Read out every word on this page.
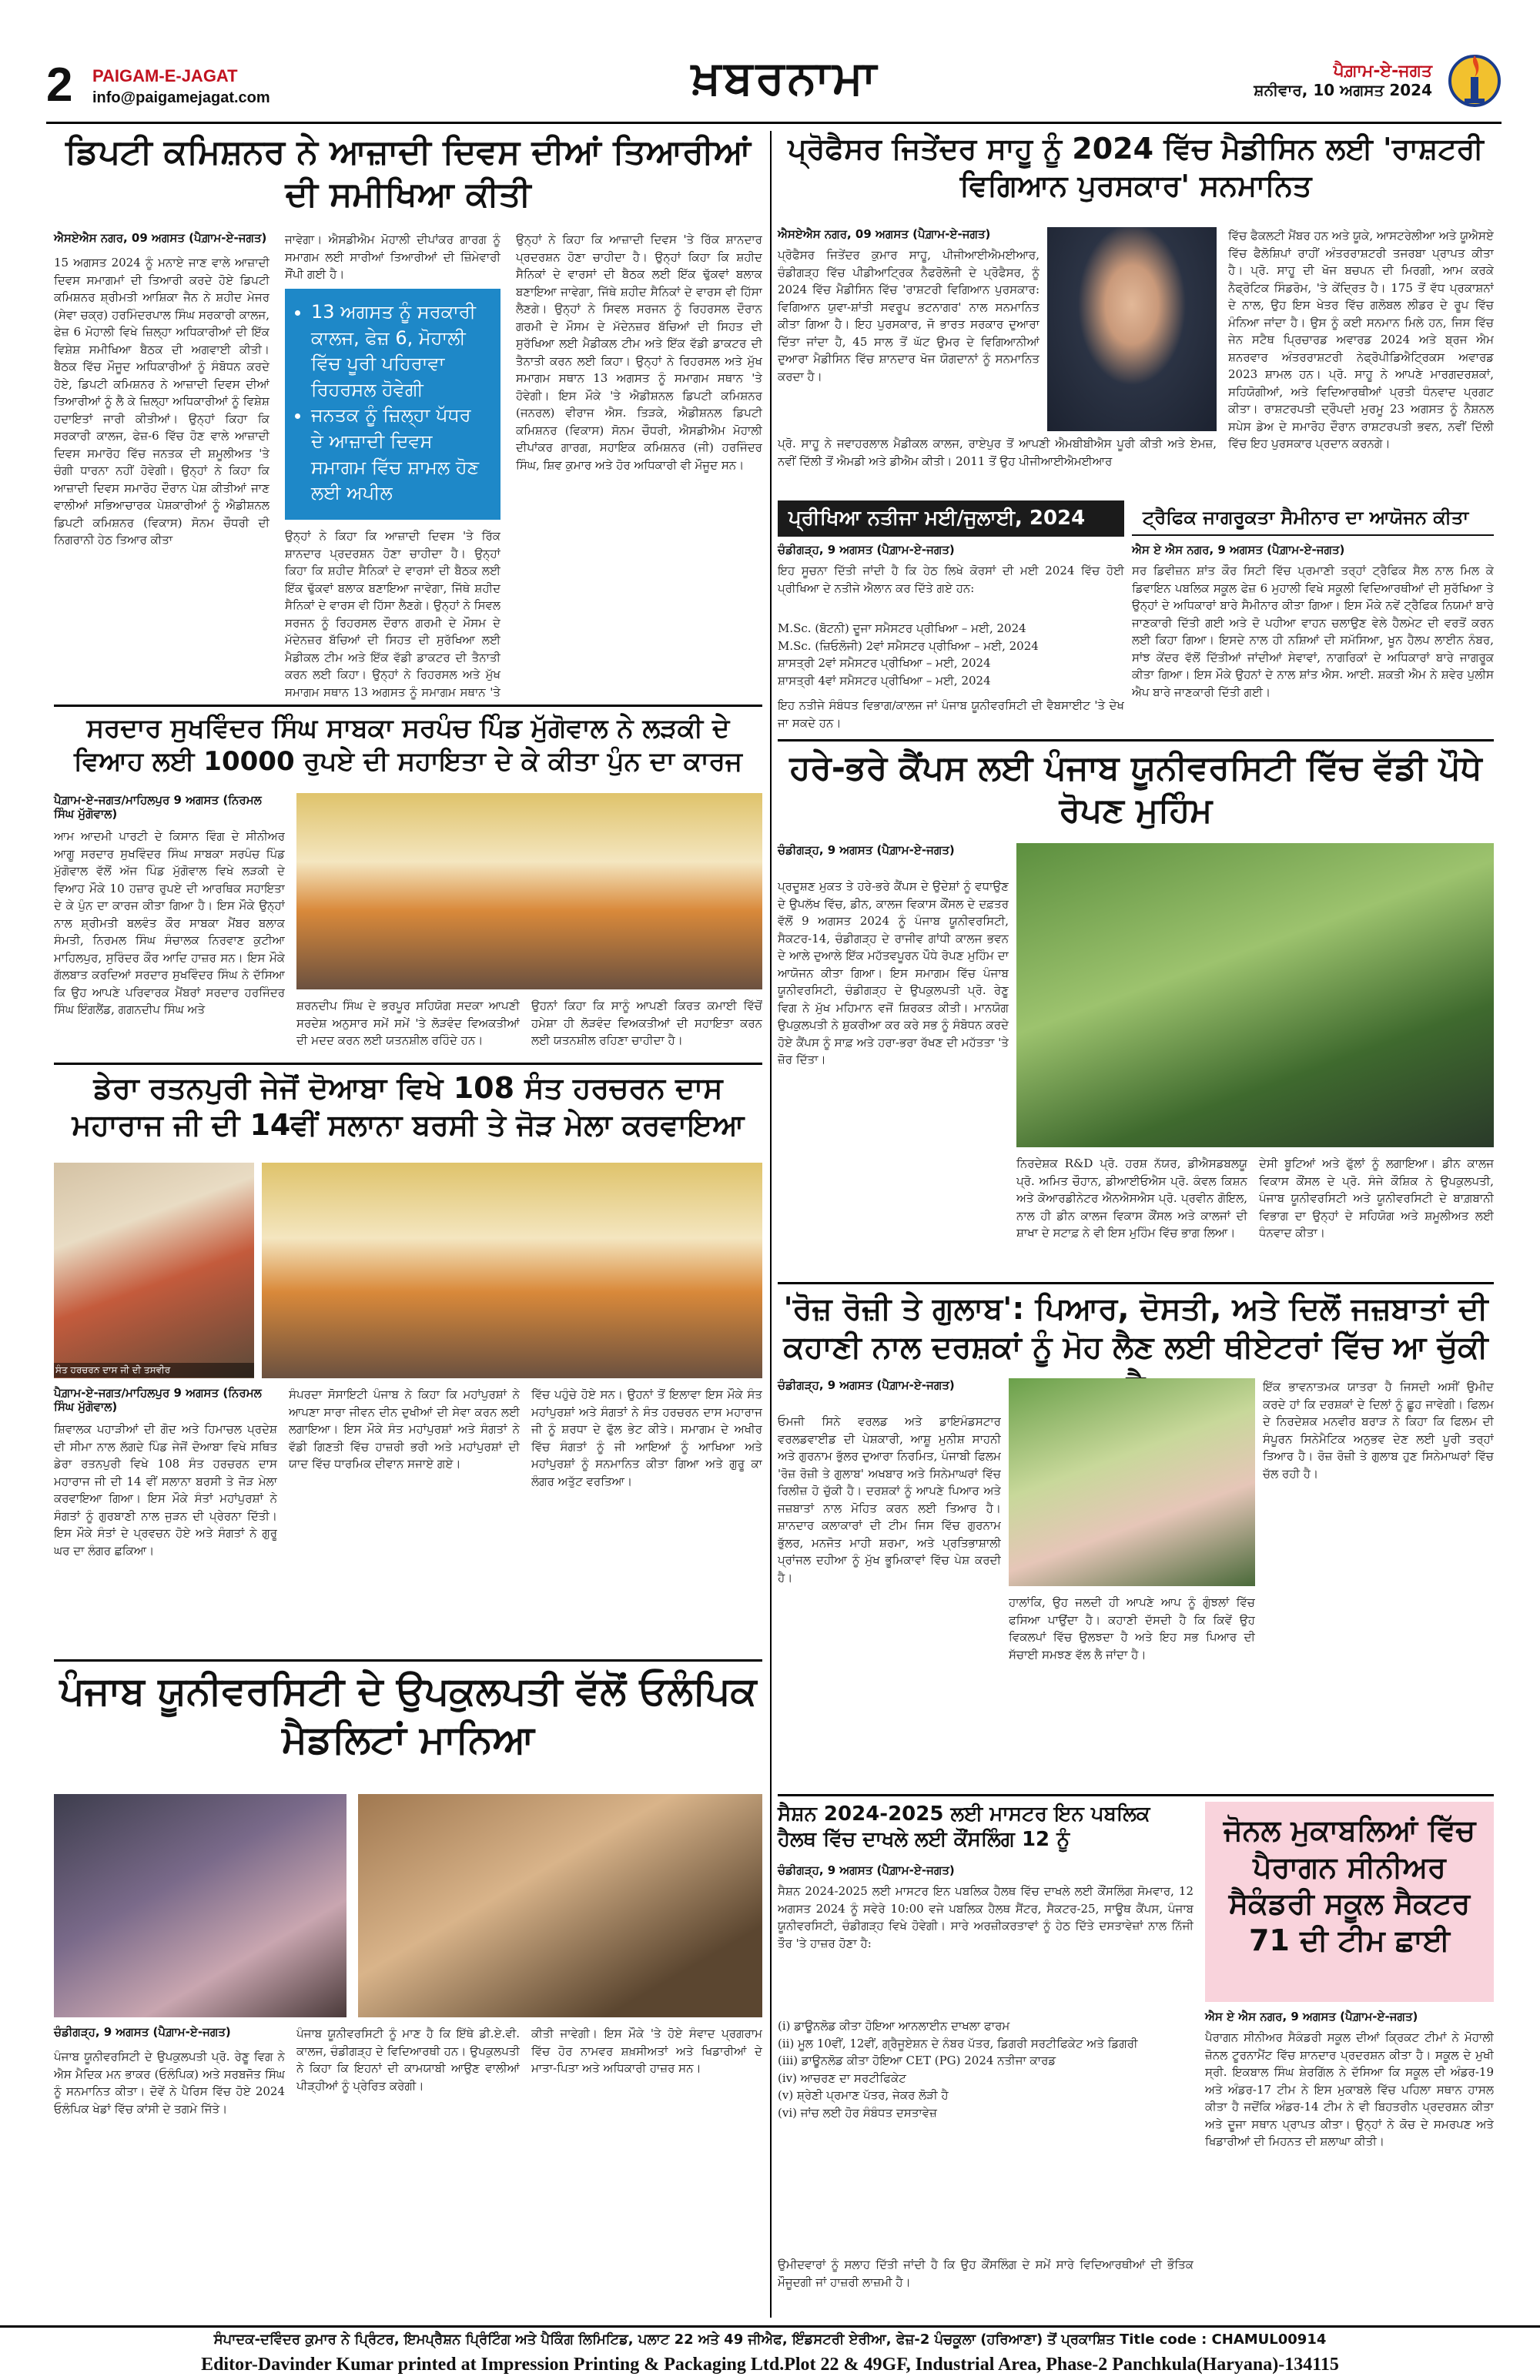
2 PAIGAM-E-JAGAT
info@paigamejagat.com	ਖ਼ਬਰਨਾਮਾ	ਪੈਗ਼ਾਮ-ਏ-ਜਗਤ
ਸ਼ਨੀਵਾਰ, 10 ਅਗਸਤ 2024
ਡਿਪਟੀ ਕਮਿਸ਼ਨਰ ਨੇ ਆਜ਼ਾਦੀ ਦਿਵਸ ਦੀਆਂ ਤਿਆਰੀਆਂ ਦੀ ਸਮੀਖਿਆ ਕੀਤੀ
ਐਸਏਐਸ ਨਗਰ, 09 ਅਗਸਤ (ਪੈਗ਼ਾਮ-ਏ-ਜਗਤ)
15 ਅਗਸਤ 2024 ਨੂੰ ਮਨਾਏ ਜਾਣ ਵਾਲੇ ਆਜ਼ਾਦੀ ਦਿਵਸ ਸਮਾਗਮਾਂ ਦੀ ਤਿਆਰੀ ਕਰਦੇ ਹੋਏ ਡਿਪਟੀ ਕਮਿਸ਼ਨਰ ਸ਼੍ਰੀਮਤੀ ਆਸ਼ਿਕਾ ਜੈਨ ਨੇ ਸ਼ਹੀਦ ਮੇਜਰ (ਸੇਵਾ ਚਕ੍ਰ) ਹਰਮਿੰਦਰਪਾਲ ਸਿੰਘ ਸਰਕਾਰੀ ਕਾਲਜ, ਫੇਜ਼ 6 ਮੋਹਾਲੀ ਵਿਖੇ ਜ਼ਿਲ੍ਹਾ ਅਧਿਕਾਰੀਆਂ ਦੀ ਇੱਕ ਵਿਸ਼ੇਸ਼ ਸਮੀਖਿਆ ਬੈਠਕ ਦੀ ਅਗਵਾਈ ਕੀਤੀ। ਬੈਠਕ ਵਿੱਚ ਮੌਜੂਦ ਅਧਿਕਾਰੀਆਂ ਨੂੰ ਸੰਬੋਧਨ ਕਰਦੇ ਹੋਏ, ਡਿਪਟੀ ਕਮਿਸ਼ਨਰ ਨੇ ਆਜ਼ਾਦੀ ਦਿਵਸ ਦੀਆਂ ਤਿਆਰੀਆਂ ਨੂੰ ਲੈ ਕੇ ਜ਼ਿਲ੍ਹਾ ਅਧਿਕਾਰੀਆਂ ਨੂੰ ਵਿਸ਼ੇਸ਼ ਹਦਾਇਤਾਂ ਜਾਰੀ ਕੀਤੀਆਂ। ਉਨ੍ਹਾਂ ਕਿਹਾ ਕਿ ਸਰਕਾਰੀ ਕਾਲਜ, ਫੇਜ਼-6 ਵਿੱਚ ਹੋਣ ਵਾਲੇ ਆਜ਼ਾਦੀ ਦਿਵਸ ਸਮਾਰੋਹ ਵਿੱਚ ਜਨਤਕ ਦੀ ਸ਼ਮੂਲੀਅਤ 'ਤੇ ਚੰਗੀ ਧਾਰਨਾ ਨਹੀਂ ਹੋਵੇਗੀ। ਉਨ੍ਹਾਂ ਨੇ ਕਿਹਾ ਕਿ ਆਜ਼ਾਦੀ ਦਿਵਸ ਸਮਾਰੋਹ ਦੌਰਾਨ ਪੇਸ਼ ਕੀਤੀਆਂ ਜਾਣ ਵਾਲੀਆਂ ਸਭਿਆਚਾਰਕ ਪੇਸ਼ਕਾਰੀਆਂ ਨੂੰ ਐਡੀਸ਼ਨਲ ਡਿਪਟੀ ਕਮਿਸ਼ਨਰ (ਵਿਕਾਸ) ਸੋਨਮ ਚੌਧਰੀ ਦੀ ਨਿਗਰਾਨੀ ਹੇਠ ਤਿਆਰ ਕੀਤਾ
ਜਾਵੇਗਾ। ਐਸਡੀਐਮ ਮੋਹਾਲੀ ਦੀਪਾਂਕਰ ਗਾਰਗ ਨੂੰ ਸਮਾਗਮ ਲਈ ਸਾਰੀਆਂ ਤਿਆਰੀਆਂ ਦੀ ਜ਼ਿੰਮੇਵਾਰੀ ਸੌਂਪੀ ਗਈ ਹੈ।
• 13 ਅਗਸਤ ਨੂੰ ਸਰਕਾਰੀ ਕਾਲਜ, ਫੇਜ਼ 6, ਮੋਹਾਲੀ ਵਿੱਚ ਪੂਰੀ ਪਹਿਰਾਵਾ ਰਿਹਰਸਲ ਹੋਵੇਗੀ
• ਜਨਤਕ ਨੂੰ ਜ਼ਿਲ੍ਹਾ ਪੱਧਰ ਦੇ ਆਜ਼ਾਦੀ ਦਿਵਸ ਸਮਾਗਮ ਵਿੱਚ ਸ਼ਾਮਲ ਹੋਣ ਲਈ ਅਪੀਲ
ਉਨ੍ਹਾਂ ਨੇ ਕਿਹਾ ਕਿ ਆਜ਼ਾਦੀ ਦਿਵਸ 'ਤੇ ਰਿੱਕ ਸ਼ਾਨਦਾਰ ਪ੍ਰਦਰਸ਼ਨ ਹੋਣਾ ਚਾਹੀਦਾ ਹੈ। ਉਨ੍ਹਾਂ ਕਿਹਾ ਕਿ ਸ਼ਹੀਦ ਸੈਨਿਕਾਂ ਦੇ ਵਾਰਸਾਂ ਦੀ ਬੈਠਕ ਲਈ ਇੱਕ ਢੁੱਕਵਾਂ ਬਲਾਕ ਬਣਾਇਆ ਜਾਵੇਗਾ, ਜਿੱਥੇ ਸ਼ਹੀਦ ਸੈਨਿਕਾਂ ਦੇ ਵਾਰਸ ਵੀ ਹਿੱਸਾ ਲੈਣਗੇ। ਉਨ੍ਹਾਂ ਨੇ ਸਿਵਲ ਸਰਜਨ ਨੂੰ ਰਿਹਰਸਲ ਦੌਰਾਨ ਗਰਮੀ ਦੇ ਮੌਸਮ ਦੇ ਮੱਦੇਨਜ਼ਰ ਬੱਚਿਆਂ ਦੀ ਸਿਹਤ ਦੀ ਸੁਰੱਖਿਆ ਲਈ ਮੈਡੀਕਲ ਟੀਮ ਅਤੇ ਇੱਕ ਵੱਡੀ ਡਾਕਟਰ ਦੀ ਤੈਨਾਤੀ ਕਰਨ ਲਈ ਕਿਹਾ। ਉਨ੍ਹਾਂ ਨੇ ਰਿਹਰਸਲ ਅਤੇ ਮੁੱਖ ਸਮਾਗਮ ਸਥਾਨ 13 ਅਗਸਤ ਨੂੰ ਸਮਾਗਮ ਸਥਾਨ 'ਤੇ
ਉਨ੍ਹਾਂ ਨੇ ਕਿਹਾ ਕਿ ਆਜ਼ਾਦੀ ਦਿਵਸ 'ਤੇ ਰਿੱਕ ਸ਼ਾਨਦਾਰ ਪ੍ਰਦਰਸ਼ਨ ਹੋਣਾ ਚਾਹੀਦਾ ਹੈ। ਉਨ੍ਹਾਂ ਕਿਹਾ ਕਿ ਸ਼ਹੀਦ ਸੈਨਿਕਾਂ ਦੇ ਵਾਰਸਾਂ ਦੀ ਬੈਠਕ ਲਈ ਇੱਕ ਢੁੱਕਵਾਂ ਬਲਾਕ ਬਣਾਇਆ ਜਾਵੇਗਾ, ਜਿੱਥੇ ਸ਼ਹੀਦ ਸੈਨਿਕਾਂ ਦੇ ਵਾਰਸ ਵੀ ਹਿੱਸਾ ਲੈਣਗੇ। ਉਨ੍ਹਾਂ ਨੇ ਸਿਵਲ ਸਰਜਨ ਨੂੰ ਰਿਹਰਸਲ ਦੌਰਾਨ ਗਰਮੀ ਦੇ ਮੌਸਮ ਦੇ ਮੱਦੇਨਜ਼ਰ ਬੱਚਿਆਂ ਦੀ ਸਿਹਤ ਦੀ ਸੁਰੱਖਿਆ ਲਈ ਮੈਡੀਕਲ ਟੀਮ ਅਤੇ ਇੱਕ ਵੱਡੀ ਡਾਕਟਰ ਦੀ ਤੈਨਾਤੀ ਕਰਨ ਲਈ ਕਿਹਾ। ਉਨ੍ਹਾਂ ਨੇ ਰਿਹਰਸਲ ਅਤੇ ਮੁੱਖ ਸਮਾਗਮ ਸਥਾਨ 13 ਅਗਸਤ ਨੂੰ ਸਮਾਗਮ ਸਥਾਨ 'ਤੇ ਹੋਵੇਗੀ। ਇਸ ਮੌਕੇ 'ਤੇ ਐਡੀਸ਼ਨਲ ਡਿਪਟੀ ਕਮਿਸ਼ਨਰ (ਜਨਰਲ) ਵੀਰਾਜ ਐਸ. ਤਿੜਕੇ, ਐਡੀਸ਼ਨਲ ਡਿਪਟੀ ਕਮਿਸ਼ਨਰ (ਵਿਕਾਸ) ਸੋਨਮ ਚੌਧਰੀ, ਐਸਡੀਐਮ ਮੋਹਾਲੀ ਦੀਪਾਂਕਰ ਗਾਰਗ, ਸਹਾਇਕ ਕਮਿਸ਼ਨਰ (ਜੀ) ਹਰਜਿੰਦਰ ਸਿੰਘ, ਸ਼ਿਵ ਕੁਮਾਰ ਅਤੇ ਹੋਰ ਅਧਿਕਾਰੀ ਵੀ ਮੌਜੂਦ ਸਨ।
ਸਰਦਾਰ ਸੁਖਵਿੰਦਰ ਸਿੰਘ ਸਾਬਕਾ ਸਰਪੰਚ ਪਿੰਡ ਮੁੱਗੋਵਾਲ ਨੇ ਲੜਕੀ ਦੇ ਵਿਆਹ ਲਈ 10000 ਰੁਪਏ ਦੀ ਸਹਾਇਤਾ ਦੇ ਕੇ ਕੀਤਾ ਪੁੰਨ ਦਾ ਕਾਰਜ
ਪੈਗ਼ਾਮ-ਏ-ਜਗਤ/ਮਾਹਿਲਪੁਰ 9 ਅਗਸਤ (ਨਿਰਮਲ ਸਿੰਘ ਮੁੱਗੋਵਾਲ)
ਆਮ ਆਦਮੀ ਪਾਰਟੀ ਦੇ ਕਿਸਾਨ ਵਿੰਗ ਦੇ ਸੀਨੀਅਰ ਆਗੂ ਸਰਦਾਰ ਸੁਖਵਿੰਦਰ ਸਿੰਘ ਸਾਬਕਾ ਸਰਪੰਚ ਪਿੰਡ ਮੁੱਗੋਵਾਲ ਵੱਲੋਂ ਅੱਜ ਪਿੰਡ ਮੁੱਗੋਵਾਲ ਵਿਖੇ ਲੜਕੀ ਦੇ ਵਿਆਹ ਮੌਕੇ 10 ਹਜ਼ਾਰ ਰੁਪਏ ਦੀ ਆਰਥਿਕ ਸਹਾਇਤਾ ਦੇ ਕੇ ਪੁੰਨ ਦਾ ਕਾਰਜ ਕੀਤਾ ਗਿਆ ਹੈ। ਇਸ ਮੌਕੇ ਉਨ੍ਹਾਂ ਨਾਲ ਸ਼੍ਰੀਮਤੀ ਬਲਵੰਤ ਕੌਰ ਸਾਬਕਾ ਮੈਂਬਰ ਬਲਾਕ ਸੰਮਤੀ, ਨਿਰਮਲ ਸਿੰਘ ਸੰਚਾਲਕ ਨਿਰਵਾਣ ਕੁਟੀਆ ਮਾਹਿਲਪੁਰ, ਸੁਰਿੰਦਰ ਕੌਰ ਆਦਿ ਹਾਜ਼ਰ ਸਨ। ਇਸ ਮੌਕੇ ਗੱਲਬਾਤ ਕਰਦਿਆਂ ਸਰਦਾਰ ਸੁਖਵਿੰਦਰ ਸਿੰਘ ਨੇ ਦੱਸਿਆ ਕਿ ਉਹ ਆਪਣੇ ਪਰਿਵਾਰਕ ਮੈਂਬਰਾਂ ਸਰਦਾਰ ਹਰਜਿੰਦਰ ਸਿੰਘ ਇੰਗਲੈਂਡ, ਗਗਨਦੀਪ ਸਿੰਘ ਅਤੇ	ਸ਼ਰਨਦੀਪ ਸਿੰਘ ਦੇ ਭਰਪੂਰ ਸਹਿਯੋਗ ਸਦਕਾ ਆਪਣੀ ਸਰਦੇਸ਼ ਅਨੁਸਾਰ ਸਮੇਂ ਸਮੇਂ 'ਤੇ ਲੋੜਵੰਦ ਵਿਅਕਤੀਆਂ ਦੀ ਮਦਦ ਕਰਨ ਲਈ ਯਤਨਸ਼ੀਲ ਰਹਿੰਦੇ ਹਨ।
ਉਹਨਾਂ ਕਿਹਾ ਕਿ ਸਾਨੂੰ ਆਪਣੀ ਕਿਰਤ ਕਮਾਈ ਵਿੱਚੋਂ ਹਮੇਸ਼ਾ ਹੀ ਲੋੜਵੰਦ ਵਿਅਕਤੀਆਂ ਦੀ ਸਹਾਇਤਾ ਕਰਨ ਲਈ ਯਤਨਸ਼ੀਲ ਰਹਿਣਾ ਚਾਹੀਦਾ ਹੈ।
ਡੇਰਾ ਰਤਨਪੁਰੀ ਜੇਜੋਂ ਦੋਆਬਾ ਵਿਖੇ 108 ਸੰਤ ਹਰਚਰਨ ਦਾਸ ਮਹਾਰਾਜ ਜੀ ਦੀ 14ਵੀਂ ਸਲਾਨਾ ਬਰਸੀ ਤੇ ਜੋੜ ਮੇਲਾ ਕਰਵਾਇਆ
ਸੰਤ ਹਰਚਰਨ ਦਾਸ ਜੀ ਦੀ ਤਸਵੀਰ
ਪੈਗ਼ਾਮ-ਏ-ਜਗਤ/ਮਾਹਿਲਪੁਰ 9 ਅਗਸਤ (ਨਿਰਮਲ ਸਿੰਘ ਮੁੱਗੋਵਾਲ)
ਸ਼ਿਵਾਲਕ ਪਹਾੜੀਆਂ ਦੀ ਗੋਦ ਅਤੇ ਹਿਮਾਚਲ ਪ੍ਰਦੇਸ਼ ਦੀ ਸੀਮਾ ਨਾਲ ਲੱਗਦੇ ਪਿੰਡ ਜੇਜੋਂ ਦੋਆਬਾ ਵਿਖੇ ਸਥਿਤ ਡੇਰਾ ਰਤਨਪੁਰੀ ਵਿਖੇ 108 ਸੰਤ ਹਰਚਰਨ ਦਾਸ ਮਹਾਰਾਜ ਜੀ ਦੀ 14 ਵੀਂ ਸਲਾਨਾ ਬਰਸੀ ਤੇ ਜੋੜ ਮੇਲਾ ਕਰਵਾਇਆ ਗਿਆ। ਇਸ ਮੌਕੇ ਸੰਤਾਂ ਮਹਾਂਪੁਰਸ਼ਾਂ ਨੇ ਸੰਗਤਾਂ ਨੂੰ ਗੁਰਬਾਣੀ ਨਾਲ ਜੁੜਨ ਦੀ ਪ੍ਰੇਰਨਾ ਦਿੱਤੀ। ਇਸ ਮੌਕੇ ਸੰਤਾਂ ਦੇ ਪ੍ਰਵਚਨ ਹੋਏ ਅਤੇ ਸੰਗਤਾਂ ਨੇ ਗੁਰੂ ਘਰ ਦਾ ਲੰਗਰ ਛਕਿਆ।
ਸੰਪਰਦਾ ਸੋਸਾਇਟੀ ਪੰਜਾਬ ਨੇ ਕਿਹਾ ਕਿ ਮਹਾਂਪੁਰਸ਼ਾਂ ਨੇ ਆਪਣਾ ਸਾਰਾ ਜੀਵਨ ਦੀਨ ਦੁਖੀਆਂ ਦੀ ਸੇਵਾ ਕਰਨ ਲਈ ਲਗਾਇਆ। ਇਸ ਮੌਕੇ ਸੰਤ ਮਹਾਂਪੁਰਸ਼ਾਂ ਅਤੇ ਸੰਗਤਾਂ ਨੇ ਵੱਡੀ ਗਿਣਤੀ ਵਿੱਚ ਹਾਜ਼ਰੀ ਭਰੀ ਅਤੇ ਮਹਾਂਪੁਰਸ਼ਾਂ ਦੀ ਯਾਦ ਵਿੱਚ ਧਾਰਮਿਕ ਦੀਵਾਨ ਸਜਾਏ ਗਏ।
ਵਿੱਚ ਪਹੁੰਚੇ ਹੋਏ ਸਨ। ਉਹਨਾਂ ਤੋਂ ਇਲਾਵਾ ਇਸ ਮੌਕੇ ਸੰਤ ਮਹਾਂਪੁਰਸ਼ਾਂ ਅਤੇ ਸੰਗਤਾਂ ਨੇ ਸੰਤ ਹਰਚਰਨ ਦਾਸ ਮਹਾਰਾਜ ਜੀ ਨੂੰ ਸ਼ਰਧਾ ਦੇ ਫੁੱਲ ਭੇਟ ਕੀਤੇ। ਸਮਾਗਮ ਦੇ ਅਖੀਰ ਵਿੱਚ ਸੰਗਤਾਂ ਨੂੰ ਜੀ ਆਇਆਂ ਨੂੰ ਆਖਿਆ ਅਤੇ ਮਹਾਂਪੁਰਸ਼ਾਂ ਨੂੰ ਸਨਮਾਨਿਤ ਕੀਤਾ ਗਿਆ ਅਤੇ ਗੁਰੂ ਕਾ ਲੰਗਰ ਅਤੁੱਟ ਵਰਤਿਆ।
ਪੰਜਾਬ ਯੂਨੀਵਰਸਿਟੀ ਦੇ ਉਪਕੁਲਪਤੀ ਵੱਲੋਂ ਓਲੰਪਿਕ ਮੈਡਲਿਟਾਂ ਮਾਨਿਆ
ਚੰਡੀਗੜ੍ਹ, 9 ਅਗਸਤ (ਪੈਗ਼ਾਮ-ਏ-ਜਗਤ)
ਪੰਜਾਬ ਯੂਨੀਵਰਸਿਟੀ ਦੇ ਉਪਕੁਲਪਤੀ ਪ੍ਰੋ. ਰੇਣੂ ਵਿਗ ਨੇ ਐਸ ਮੈਦਿਕ ਮਨ ਭਾਕਰ (ਓਲੰਪਿਕ) ਅਤੇ ਸਰਬਜੋਤ ਸਿੰਘ ਨੂੰ ਸਨਮਾਨਿਤ ਕੀਤਾ। ਦੋਵੇਂ ਨੇ ਪੈਰਿਸ ਵਿੱਚ ਹੋਏ 2024 ਓਲੰਪਿਕ ਖੇਡਾਂ ਵਿੱਚ ਕਾਂਸੀ ਦੇ ਤਗਮੇ ਜਿੱਤੇ।
ਪੰਜਾਬ ਯੂਨੀਵਰਸਿਟੀ ਨੂੰ ਮਾਣ ਹੈ ਕਿ ਇੱਥੇ ਡੀ.ਏ.ਵੀ. ਕਾਲਜ, ਚੰਡੀਗੜ੍ਹ ਦੇ ਵਿਦਿਆਰਥੀ ਹਨ। ਉਪਕੁਲਪਤੀ ਨੇ ਕਿਹਾ ਕਿ ਇਹਨਾਂ ਦੀ ਕਾਮਯਾਬੀ ਆਉਣ ਵਾਲੀਆਂ ਪੀੜ੍ਹੀਆਂ ਨੂੰ ਪ੍ਰੇਰਿਤ ਕਰੇਗੀ।
ਕੀਤੀ ਜਾਵੇਗੀ। ਇਸ ਮੌਕੇ 'ਤੇ ਹੋਏ ਸੰਵਾਦ ਪ੍ਰਗਰਾਮ ਵਿੱਚ ਹੋਰ ਨਾਮਵਰ ਸ਼ਖ਼ਸੀਅਤਾਂ ਅਤੇ ਖਿਡਾਰੀਆਂ ਦੇ ਮਾਤਾ-ਪਿਤਾ ਅਤੇ ਅਧਿਕਾਰੀ ਹਾਜ਼ਰ ਸਨ।
ਪ੍ਰੋਫੈਸਰ ਜਿਤੇਂਦਰ ਸਾਹੂ ਨੂੰ 2024 ਵਿੱਚ ਮੈਡੀਸਿਨ ਲਈ 'ਰਾਸ਼ਟਰੀ ਵਿਗਿਆਨ ਪੁਰਸਕਾਰ' ਸਨਮਾਨਿਤ
ਐਸਏਐਸ ਨਗਰ, 09 ਅਗਸਤ (ਪੈਗ਼ਾਮ-ਏ-ਜਗਤ)
ਪ੍ਰੋਫੈਸਰ ਜਿਤੇਂਦਰ ਕੁਮਾਰ ਸਾਹੂ, ਪੀਜੀਆਈਐਮਈਆਰ, ਚੰਡੀਗੜ੍ਹ ਵਿੱਚ ਪੀਡੀਆਟ੍ਰਿਕ ਨੈਫਰੋਲੋਜੀ ਦੇ ਪ੍ਰੋਫੈਸਰ, ਨੂੰ 2024 ਵਿੱਚ ਮੈਡੀਸਿਨ ਵਿੱਚ 'ਰਾਸ਼ਟਰੀ ਵਿਗਿਆਨ ਪੁਰਸਕਾਰ: ਵਿਗਿਆਨ ਯੁਵਾ-ਸ਼ਾਂਤੀ ਸਵਰੂਪ ਭਟਨਾਗਰ' ਨਾਲ ਸਨਮਾਨਿਤ ਕੀਤਾ ਗਿਆ ਹੈ। ਇਹ ਪੁਰਸਕਾਰ, ਜੋ ਭਾਰਤ ਸਰਕਾਰ ਦੁਆਰਾ ਦਿੱਤਾ ਜਾਂਦਾ ਹੈ, 45 ਸਾਲ ਤੋਂ ਘੱਟ ਉਮਰ ਦੇ ਵਿਗਿਆਨੀਆਂ ਦੁਆਰਾ ਮੈਡੀਸਿਨ ਵਿੱਚ ਸ਼ਾਨਦਾਰ ਖੋਜ ਯੋਗਦਾਨਾਂ ਨੂੰ ਸਨਮਾਨਿਤ ਕਰਦਾ ਹੈ।
ਪ੍ਰੋ. ਸਾਹੂ ਨੇ ਜਵਾਹਰਲਾਲ ਮੈਡੀਕਲ ਕਾਲਜ, ਰਾਏਪੁਰ ਤੋਂ ਆਪਣੀ ਐਮਬੀਬੀਐਸ ਪੂਰੀ ਕੀਤੀ ਅਤੇ ਏਮਜ਼, ਨਵੀਂ ਦਿੱਲੀ ਤੋਂ ਐਮਡੀ ਅਤੇ ਡੀਐਮ ਕੀਤੀ। 2011 ਤੋਂ ਉਹ ਪੀਜੀਆਈਐਮਈਆਰ
ਵਿੱਚ ਫੈਕਲਟੀ ਮੈਂਬਰ ਹਨ ਅਤੇ ਯੂਕੇ, ਆਸਟਰੇਲੀਆ ਅਤੇ ਯੂਐਸਏ ਵਿੱਚ ਫੈਲੋਸ਼ਿਪਾਂ ਰਾਹੀਂ ਅੰਤਰਰਾਸ਼ਟਰੀ ਤਜਰਬਾ ਪ੍ਰਾਪਤ ਕੀਤਾ ਹੈ। ਪ੍ਰੋ. ਸਾਹੂ ਦੀ ਖੋਜ ਬਚਪਨ ਦੀ ਮਿਰਗੀ, ਆਮ ਕਰਕੇ ਨੈਫ੍ਰੋਟਿਕ ਸਿੰਡਰੋਮ, 'ਤੇ ਕੇਂਦ੍ਰਿਤ ਹੈ। 175 ਤੋਂ ਵੱਧ ਪ੍ਰਕਾਸ਼ਨਾਂ ਦੇ ਨਾਲ, ਉਹ ਇਸ ਖੇਤਰ ਵਿੱਚ ਗਲੋਬਲ ਲੀਡਰ ਦੇ ਰੂਪ ਵਿੱਚ ਮੰਨਿਆ ਜਾਂਦਾ ਹੈ। ਉਸ ਨੂੰ ਕਈ ਸਨਮਾਨ ਮਿਲੇ ਹਨ, ਜਿਸ ਵਿੱਚ ਜੇਨ ਸਟੈਥ ਪ੍ਰਿਚਾਰਡ ਅਵਾਰਡ 2024 ਅਤੇ ਬ੍ਰਜ ਐਮ ਸ਼ਨਰਵਾਰ ਅੰਤਰਰਾਸ਼ਟਰੀ ਨੇਫ੍ਰੋਪੀਡਿਐਟ੍ਰਿਕਸ ਅਵਾਰਡ 2023 ਸ਼ਾਮਲ ਹਨ। ਪ੍ਰੋ. ਸਾਹੂ ਨੇ ਆਪਣੇ ਮਾਰਗਦਰਸ਼ਕਾਂ, ਸਹਿਯੋਗੀਆਂ, ਅਤੇ ਵਿਦਿਆਰਥੀਆਂ ਪ੍ਰਤੀ ਧੰਨਵਾਦ ਪ੍ਰਗਟ ਕੀਤਾ। ਰਾਸ਼ਟਰਪਤੀ ਦ੍ਰੌਪਦੀ ਮੁਰਮੂ 23 ਅਗਸਤ ਨੂੰ ਨੈਸ਼ਨਲ ਸਪੇਸ ਡੇਅ ਦੇ ਸਮਾਰੋਹ ਦੌਰਾਨ ਰਾਸ਼ਟਰਪਤੀ ਭਵਨ, ਨਵੀਂ ਦਿੱਲੀ ਵਿੱਚ ਇਹ ਪੁਰਸਕਾਰ ਪ੍ਰਦਾਨ ਕਰਨਗੇ।
ਪ੍ਰੀਖਿਆ ਨਤੀਜਾ ਮਈ/ਜੁਲਾਈ, 2024
ਚੰਡੀਗੜ੍ਹ, 9 ਅਗਸਤ (ਪੈਗ਼ਾਮ-ਏ-ਜਗਤ)
ਇਹ ਸੂਚਨਾ ਦਿੱਤੀ ਜਾਂਦੀ ਹੈ ਕਿ ਹੇਠ ਲਿਖੇ ਕੋਰਸਾਂ ਦੀ ਮਈ 2024 ਵਿੱਚ ਹੋਈ ਪ੍ਰੀਖਿਆ ਦੇ ਨਤੀਜੇ ਐਲਾਨ ਕਰ ਦਿੱਤੇ ਗਏ ਹਨ:
M.Sc. (ਬੋਟਨੀ) ਦੂਜਾ ਸਮੈਸਟਰ ਪ੍ਰੀਖਿਆ – ਮਈ, 2024
M.Sc. (ਜ਼ਿਓਲੋਜੀ) 2ਵਾਂ ਸਮੈਸਟਰ ਪ੍ਰੀਖਿਆ – ਮਈ, 2024
ਸ਼ਾਸਤ੍ਰੀ 2ਵਾਂ ਸਮੈਸਟਰ ਪ੍ਰੀਖਿਆ – ਮਈ, 2024
ਸ਼ਾਸਤ੍ਰੀ 4ਵਾਂ ਸਮੈਸਟਰ ਪ੍ਰੀਖਿਆ – ਮਈ, 2024
ਇਹ ਨਤੀਜੇ ਸੰਬੰਧਤ ਵਿਭਾਗ/ਕਾਲਜ ਜਾਂ ਪੰਜਾਬ ਯੂਨੀਵਰਸਿਟੀ ਦੀ ਵੈਬਸਾਈਟ 'ਤੇ ਦੇਖ ਜਾ ਸਕਦੇ ਹਨ।
ਟ੍ਰੈਫਿਕ ਜਾਗਰੂਕਤਾ ਸੈਮੀਨਾਰ ਦਾ ਆਯੋਜਨ ਕੀਤਾ
ਐਸ ਏ ਐਸ ਨਗਰ, 9 ਅਗਸਤ (ਪੈਗ਼ਾਮ-ਏ-ਜਗਤ)
ਸਰ ਡਿਵੀਜ਼ਨ ਸ਼ਾਂਤ ਕੌਰ ਸਿਟੀ ਵਿੱਚ ਪ੍ਰਮਾਣੀ ਤਰ੍ਹਾਂ ਟ੍ਰੈਫਿਕ ਸੈਲ ਨਾਲ ਮਿਲ ਕੇ ਡਿਵਾਇਨ ਪਬਲਿਕ ਸਕੂਲ ਫੇਜ਼ 6 ਮੁਹਾਲੀ ਵਿਖੇ ਸਕੂਲੀ ਵਿਦਿਆਰਥੀਆਂ ਦੀ ਸੁਰੱਖਿਆ ਤੇ ਉਨ੍ਹਾਂ ਦੇ ਅਧਿਕਾਰਾਂ ਬਾਰੇ ਸੈਮੀਨਾਰ ਕੀਤਾ ਗਿਆ। ਇਸ ਮੌਕੇ ਨਵੇਂ ਟ੍ਰੈਫਿਕ ਨਿਯਮਾਂ ਬਾਰੇ ਜਾਣਕਾਰੀ ਦਿੱਤੀ ਗਈ ਅਤੇ ਦੋ ਪਹੀਆ ਵਾਹਨ ਚਲਾਉਣ ਵੇਲੇ ਹੈਲਮੇਟ ਦੀ ਵਰਤੋਂ ਕਰਨ ਲਈ ਕਿਹਾ ਗਿਆ। ਇਸਦੇ ਨਾਲ ਹੀ ਨਸ਼ਿਆਂ ਦੀ ਸਮੱਸਿਆ, ਖੂਨ ਹੈਲਪ ਲਾਈਨ ਨੰਬਰ, ਸਾਂਝ ਕੇਂਦਰ ਵੱਲੋਂ ਦਿੱਤੀਆਂ ਜਾਂਦੀਆਂ ਸੇਵਾਵਾਂ, ਨਾਗਰਿਕਾਂ ਦੇ ਅਧਿਕਾਰਾਂ ਬਾਰੇ ਜਾਗਰੂਕ ਕੀਤਾ ਗਿਆ। ਇਸ ਮੌਕੇ ਉਹਨਾਂ ਦੇ ਨਾਲ ਸ਼ਾਂਤ ਐਸ. ਆਈ. ਸ਼ਕਤੀ ਐਮ ਨੇ ਸ਼ਵੇਰ ਪੁਲੀਸ ਐਪ ਬਾਰੇ ਜਾਣਕਾਰੀ ਦਿੱਤੀ ਗਈ।
ਹਰੇ-ਭਰੇ ਕੈਂਪਸ ਲਈ ਪੰਜਾਬ ਯੂਨੀਵਰਸਿਟੀ ਵਿੱਚ ਵੱਡੀ ਪੌਧੇ ਰੋਪਣ ਮੁਹਿੰਮ
ਚੰਡੀਗੜ੍ਹ, 9 ਅਗਸਤ (ਪੈਗ਼ਾਮ-ਏ-ਜਗਤ)
ਪ੍ਰਦੂਸ਼ਣ ਮੁਕਤ ਤੇ ਹਰੇ-ਭਰੇ ਕੈਂਪਸ ਦੇ ਉਦੇਸ਼ਾਂ ਨੂੰ ਵਧਾਉਣ ਦੇ ਉਪਲੱਖ ਵਿੱਚ, ਡੀਨ, ਕਾਲਜ ਵਿਕਾਸ ਕੌਂਸਲ ਦੇ ਦਫ਼ਤਰ ਵੱਲੋਂ 9 ਅਗਸਤ 2024 ਨੂੰ ਪੰਜਾਬ ਯੂਨੀਵਰਸਿਟੀ, ਸੈਕਟਰ-14, ਚੰਡੀਗੜ੍ਹ ਦੇ ਰਾਜੀਵ ਗਾਂਧੀ ਕਾਲਜ ਭਵਨ ਦੇ ਆਲੇ ਦੁਆਲੇ ਇੱਕ ਮਹੱਤਵਪੂਰਨ ਪੌਧੇ ਰੋਪਣ ਮੁਹਿੰਮ ਦਾ ਆਯੋਜਨ ਕੀਤਾ ਗਿਆ। ਇਸ ਸਮਾਗਮ ਵਿੱਚ ਪੰਜਾਬ ਯੂਨੀਵਰਸਿਟੀ, ਚੰਡੀਗੜ੍ਹ ਦੇ ਉਪਕੁਲਪਤੀ ਪ੍ਰੋ. ਰੇਣੂ ਵਿਗ ਨੇ ਮੁੱਖ ਮਹਿਮਾਨ ਵਜੋਂ ਸ਼ਿਰਕਤ ਕੀਤੀ। ਮਾਨਯੋਗ ਉਪਕੁਲਪਤੀ ਨੇ ਸ਼ੁਕਰੀਆ ਕਰ ਕਰੇ ਸਭ ਨੂੰ ਸੰਬੋਧਨ ਕਰਦੇ ਹੋਏ ਕੈਂਪਸ ਨੂੰ ਸਾਫ਼ ਅਤੇ ਹਰਾ-ਭਰਾ ਰੱਖਣ ਦੀ ਮਹੱਤਤਾ 'ਤੇ ਜ਼ੋਰ ਦਿੱਤਾ।
ਨਿਰਦੇਸ਼ਕ R&D ਪ੍ਰੋ. ਹਰਸ਼ ਨੱਯਰ, ਡੀਐਸਡਬਲਯੂ ਪ੍ਰੋ. ਅਮਿਤ ਚੌਹਾਨ, ਡੀਆਈਓਐਸ ਪ੍ਰੋ. ਕੰਵਲ ਕਿਸ਼ਨ ਅਤੇ ਕੋਆਰਡੀਨੇਟਰ ਐਨਐਸਐਸ ਪ੍ਰੋ. ਪ੍ਰਵੀਨ ਗੋਇਲ, ਨਾਲ ਹੀ ਡੀਨ ਕਾਲਜ ਵਿਕਾਸ ਕੌਂਸਲ ਅਤੇ ਕਾਲਜਾਂ ਦੀ ਸ਼ਾਖਾ ਦੇ ਸਟਾਫ਼ ਨੇ ਵੀ ਇਸ ਮੁਹਿੰਮ ਵਿੱਚ ਭਾਗ ਲਿਆ।
ਦੇਸੀ ਬੂਟਿਆਂ ਅਤੇ ਫੁੱਲਾਂ ਨੂੰ ਲਗਾਇਆ। ਡੀਨ ਕਾਲਜ ਵਿਕਾਸ ਕੌਂਸਲ ਦੇ ਪ੍ਰੋ. ਸੰਜੇ ਕੌਸ਼ਿਕ ਨੇ ਉਪਕੁਲਪਤੀ, ਪੰਜਾਬ ਯੂਨੀਵਰਸਿਟੀ ਅਤੇ ਯੂਨੀਵਰਸਿਟੀ ਦੇ ਬਾਗ਼ਬਾਨੀ ਵਿਭਾਗ ਦਾ ਉਨ੍ਹਾਂ ਦੇ ਸਹਿਯੋਗ ਅਤੇ ਸ਼ਮੂਲੀਅਤ ਲਈ ਧੰਨਵਾਦ ਕੀਤਾ।
'ਰੋਜ਼ ਰੋਜ਼ੀ ਤੇ ਗੁਲਾਬ': ਪਿਆਰ, ਦੋਸਤੀ, ਅਤੇ ਦਿਲੋਂ ਜਜ਼ਬਾਤਾਂ ਦੀ ਕਹਾਣੀ ਨਾਲ ਦਰਸ਼ਕਾਂ ਨੂੰ ਮੋਹ ਲੈਣ ਲਈ ਥੀਏਟਰਾਂ ਵਿੱਚ ਆ ਚੁੱਕੀ
ਚੰਡੀਗੜ੍ਹ, 9 ਅਗਸਤ (ਪੈਗ਼ਾਮ-ਏ-ਜਗਤ)
ਓਮਜੀ ਸਿਨੇ ਵਰਲਡ ਅਤੇ ਡਾਇਮੰਡਸਟਾਰ ਵਰਲਡਵਾਈਡ ਦੀ ਪੇਸ਼ਕਾਰੀ, ਆਸ਼ੂ ਮੁਨੀਸ਼ ਸਾਹਨੀ ਅਤੇ ਗੁਰਨਾਮ ਭੁੱਲਰ ਦੁਆਰਾ ਨਿਰਮਿਤ, ਪੰਜਾਬੀ ਫਿਲਮ 'ਰੋਜ਼ ਰੋਜ਼ੀ ਤੇ ਗੁਲਾਬ' ਅਖਬਾਰ ਅਤੇ ਸਿਨੇਮਾਘਰਾਂ ਵਿੱਚ ਰਿਲੀਜ਼ ਹੋ ਚੁੱਕੀ ਹੈ। ਦਰਸ਼ਕਾਂ ਨੂੰ ਆਪਣੇ ਪਿਆਰ ਅਤੇ ਜਜ਼ਬਾਤਾਂ ਨਾਲ ਮੋਹਿਤ ਕਰਨ ਲਈ ਤਿਆਰ ਹੈ। ਸ਼ਾਨਦਾਰ ਕਲਾਕਾਰਾਂ ਦੀ ਟੀਮ ਜਿਸ ਵਿੱਚ ਗੁਰਨਾਮ ਭੁੱਲਰ, ਮਨਜੋਤ ਮਾਹੀ ਸ਼ਰਮਾ, ਅਤੇ ਪ੍ਰਤਿਭਾਸ਼ਾਲੀ ਪ੍ਰਾਂਜਲ ਦਹੀਆ ਨੂੰ ਮੁੱਖ ਭੂਮਿਕਾਵਾਂ ਵਿੱਚ ਪੇਸ਼ ਕਰਦੀ ਹੈ।
ਹਾਲਾਂਕਿ, ਉਹ ਜਲਦੀ ਹੀ ਆਪਣੇ ਆਪ ਨੂੰ ਗੁੰਝਲਾਂ ਵਿੱਚ ਫਸਿਆ ਪਾਉਂਦਾ ਹੈ। ਕਹਾਣੀ ਦੱਸਦੀ ਹੈ ਕਿ ਕਿਵੇਂ ਉਹ ਵਿਕਲਪਾਂ ਵਿੱਚ ਉਲਝਦਾ ਹੈ ਅਤੇ ਇਹ ਸਭ ਪਿਆਰ ਦੀ ਸੱਚਾਈ ਸਮਝਣ ਵੱਲ ਲੈ ਜਾਂਦਾ ਹੈ।
ਇੱਕ ਭਾਵਨਾਤਮਕ ਯਾਤਰਾ ਹੈ ਜਿਸਦੀ ਅਸੀਂ ਉਮੀਦ ਕਰਦੇ ਹਾਂ ਕਿ ਦਰਸ਼ਕਾਂ ਦੇ ਦਿਲਾਂ ਨੂੰ ਛੂਹ ਜਾਵੇਗੀ। ਫਿਲਮ ਦੇ ਨਿਰਦੇਸ਼ਕ ਮਨਵੀਰ ਬਰਾੜ ਨੇ ਕਿਹਾ ਕਿ ਫਿਲਮ ਦੀ ਸੰਪੂਰਨ ਸਿਨੇਮੈਟਿਕ ਅਨੁਭਵ ਦੇਣ ਲਈ ਪੂਰੀ ਤਰ੍ਹਾਂ ਤਿਆਰ ਹੈ। ਰੋਜ਼ ਰੋਜ਼ੀ ਤੇ ਗੁਲਾਬ ਹੁਣ ਸਿਨੇਮਾਘਰਾਂ ਵਿੱਚ ਚੱਲ ਰਹੀ ਹੈ।
ਸੈਸ਼ਨ 2024-2025 ਲਈ ਮਾਸਟਰ ਇਨ ਪਬਲਿਕ ਹੈਲਥ ਵਿੱਚ ਦਾਖਲੇ ਲਈ ਕੌਂਸਲਿੰਗ 12 ਨੂੰ
ਚੰਡੀਗੜ੍ਹ, 9 ਅਗਸਤ (ਪੈਗ਼ਾਮ-ਏ-ਜਗਤ)
ਸੈਸ਼ਨ 2024-2025 ਲਈ ਮਾਸਟਰ ਇਨ ਪਬਲਿਕ ਹੈਲਥ ਵਿੱਚ ਦਾਖਲੇ ਲਈ ਕੌਂਸਲਿੰਗ ਸੋਮਵਾਰ, 12 ਅਗਸਤ 2024 ਨੂੰ ਸਵੇਰੇ 10:00 ਵਜੇ ਪਬਲਿਕ ਹੈਲਥ ਸੈਂਟਰ, ਸੈਕਟਰ-25, ਸਾਊਥ ਕੈਂਪਸ, ਪੰਜਾਬ ਯੂਨੀਵਰਸਿਟੀ, ਚੰਡੀਗੜ੍ਹ ਵਿਖੇ ਹੋਵੇਗੀ। ਸਾਰੇ ਅਰਜ਼ੀਕਰਤਾਵਾਂ ਨੂੰ ਹੇਠ ਦਿੱਤੇ ਦਸਤਾਵੇਜ਼ਾਂ ਨਾਲ ਨਿੱਜੀ ਤੌਰ 'ਤੇ ਹਾਜ਼ਰ ਹੋਣਾ ਹੈ:
(i) ਡਾਊਨਲੋਡ ਕੀਤਾ ਹੋਇਆ ਆਨਲਾਈਨ ਦਾਖਲਾ ਫਾਰਮ
(ii) ਮੂਲ 10ਵੀਂ, 12ਵੀਂ, ਗ੍ਰੈਜੂਏਸ਼ਨ ਦੇ ਨੰਬਰ ਪੱਤਰ, ਡਿਗਰੀ ਸਰਟੀਫਿਕੇਟ ਅਤੇ ਡਿਗਰੀ
(iii) ਡਾਊਨਲੋਡ ਕੀਤਾ ਹੋਇਆ CET (PG) 2024 ਨਤੀਜਾ ਕਾਰਡ
(iv) ਆਚਰਣ ਦਾ ਸਰਟੀਫਿਕੇਟ
(v) ਸ਼੍ਰੇਣੀ ਪ੍ਰਮਾਣ ਪੱਤਰ, ਜੇਕਰ ਲੋੜੀ ਹੈ
(vi) ਜਾਂਚ ਲਈ ਹੋਰ ਸੰਬੰਧਤ ਦਸਤਾਵੇਜ਼
ਉਮੀਦਵਾਰਾਂ ਨੂੰ ਸਲਾਹ ਦਿੱਤੀ ਜਾਂਦੀ ਹੈ ਕਿ ਉਹ ਕੌਂਸਲਿੰਗ ਦੇ ਸਮੇਂ ਸਾਰੇ ਵਿਦਿਆਰਥੀਆਂ ਦੀ ਭੌਤਿਕ ਮੌਜੂਦਗੀ ਜਾਂ ਹਾਜ਼ਰੀ ਲਾਜ਼ਮੀ ਹੈ।
ਜੋਨਲ ਮੁਕਾਬਲਿਆਂ ਵਿੱਚ ਪੈਰਾਗਨ ਸੀਨੀਅਰ ਸੈਕੰਡਰੀ ਸਕੂਲ ਸੈਕਟਰ 71 ਦੀ ਟੀਮ ਛਾਈ
ਐਸ ਏ ਐਸ ਨਗਰ, 9 ਅਗਸਤ (ਪੈਗ਼ਾਮ-ਏ-ਜਗਤ)
ਪੈਰਾਗਨ ਸੀਨੀਅਰ ਸੈਕੰਡਰੀ ਸਕੂਲ ਦੀਆਂ ਕ੍ਰਿਕਟ ਟੀਮਾਂ ਨੇ ਮੋਹਾਲੀ ਜ਼ੋਨਲ ਟੂਰਨਾਮੈਂਟ ਵਿੱਚ ਸ਼ਾਨਦਾਰ ਪ੍ਰਦਰਸ਼ਨ ਕੀਤਾ ਹੈ। ਸਕੂਲ ਦੇ ਮੁਖੀ ਸ੍ਰੀ. ਇਕਬਾਲ ਸਿੰਘ ਸ਼ੇਰਗਿੱਲ ਨੇ ਦੱਸਿਆ ਕਿ ਸਕੂਲ ਦੀ ਅੰਡਰ-19 ਅਤੇ ਅੰਡਰ-17 ਟੀਮ ਨੇ ਇਸ ਮੁਕਾਬਲੇ ਵਿੱਚ ਪਹਿਲਾ ਸਥਾਨ ਹਾਸਲ ਕੀਤਾ ਹੈ ਜਦੋਂਕਿ ਅੰਡਰ-14 ਟੀਮ ਨੇ ਵੀ ਬਿਹਤਰੀਨ ਪ੍ਰਦਰਸ਼ਨ ਕੀਤਾ ਅਤੇ ਦੂਜਾ ਸਥਾਨ ਪ੍ਰਾਪਤ ਕੀਤਾ। ਉਨ੍ਹਾਂ ਨੇ ਕੋਚ ਦੇ ਸਮਰਪਣ ਅਤੇ ਖਿਡਾਰੀਆਂ ਦੀ ਮਿਹਨਤ ਦੀ ਸ਼ਲਾਘਾ ਕੀਤੀ।
ਸੰਪਾਦਕ-ਦਵਿੰਦਰ ਕੁਮਾਰ ਨੇ ਪ੍ਰਿੰਟਰ, ਇਮਪ੍ਰੈਸ਼ਨ ਪ੍ਰਿੰਟਿੰਗ ਅਤੇ ਪੈਕਿੰਗ ਲਿਮਿਟਿਡ, ਪਲਾਟ 22 ਅਤੇ 49 ਜੀਐਫ, ਇੰਡਸਟਰੀ ਏਰੀਆ, ਫੇਜ਼-2 ਪੰਚਕੂਲਾ (ਹਰਿਆਣਾ) ਤੋਂ ਪ੍ਰਕਾਸ਼ਿਤ Title code : CHAMUL00914
Editor-Davinder Kumar printed at Impression Printing & Packaging Ltd.Plot 22 & 49GF, Industrial Area, Phase-2 Panchkula(Haryana)-134115
